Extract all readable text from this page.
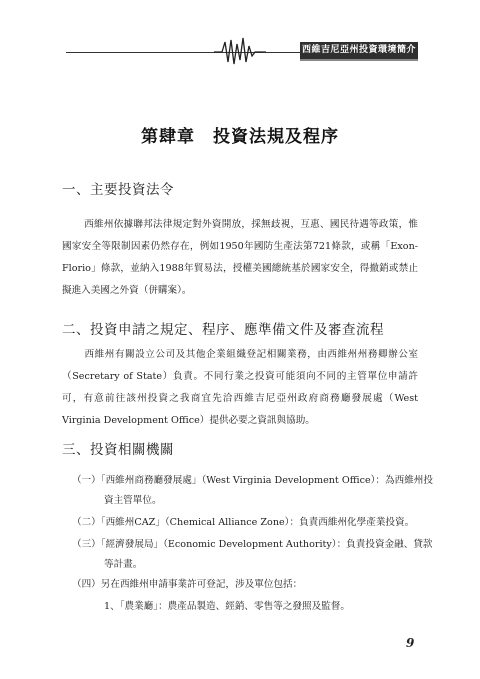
西維吉尼亞州投資環境簡介
第肆章　投資法規及程序
一、主要投資法令

西維州依據聯邦法律規定對外資開放，採無歧視，互惠、國民待遇等政策，惟國家安全等限制因素仍然存在，例如1950年國防生產法第721條款，或稱「Exon-Florio」條款，並納入1988年貿易法，授權美國總統基於國家安全，得撤銷或禁止擬進入美國之外資（併購案）。

二、投資申請之規定、程序、應準備文件及審查流程

西維州有關設立公司及其他企業組織登記相關業務，由西維州州務卿辦公室（Secretary of State）負責。不同行業之投資可能須向不同的主管單位申請許可，有意前往該州投資之我商宜先洽西維吉尼亞州政府商務廳發展處（West Virginia Development Office）提供必要之資訊與協助。

三、投資相關機關
（一）「西維州商務廳發展處」（West Virginia Development Office）：為西維州投
資主管單位。
（二）「西維州CAZ」（Chemical Alliance Zone）：負責西維州化學產業投資。
（三）「經濟發展局」（Economic Development Authority）：負責投資金融、貸款
等計畫。
（四）另在西維州申請事業許可登記，涉及單位包括：
1、「農業廳」：農產品製造、經銷、零售等之發照及監督。
9
